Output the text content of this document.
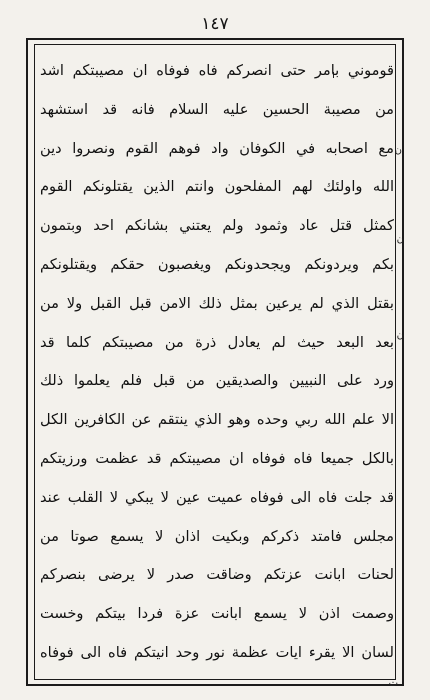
١٤٧
قوموني بامر حتى انصركم فاه فوفاه ان مصيبتكم اشد
من مصيبة الحسين عليه السلام فانه قد استشهد
مع اصحابه في الكوفان واد فوهم القوم ونصروا دين
الله واولئك لهم المفلحون وانتم الذين يقتلونكم القوم
كمثل قتل عاد وثمود ولم يعتني بشانكم احد وبتمون
بكم ويردونكم ويجحدونكم ويغصبون حقكم ويقتلونكم
بقتل الذي لم يرعين بمثل ذلك الامن قبل القبل ولا من
بعد البعد حيث لم يعادل ذرة من مصيبتكم كلما قد
ورد على النبيين والصديقين من قبل فلم يعلموا ذلك
الا علم الله ربي وحده وهو الذي ينتقم عن الكافرين الكل
بالكل جميعا فاه فوفاه ان مصيبتكم قد عظمت ورزيتكم
قد جلت فاه الى فوفاه عميت عين لا يبكي لا القلب عند
مجلس فامتد ذكركم وبكيت اذان لا يسمع صوتا من
لحنات ابانت عزتكم وضاقت صدر لا يرضى بنصركم
وصمت اذن لا يسمع ابانت عزة فردا بيتكم وخست
لسان الا يقرء ايات عظمة نور وحد انيتكم فاه الى فوفاه
ن
ن
ن
ت
